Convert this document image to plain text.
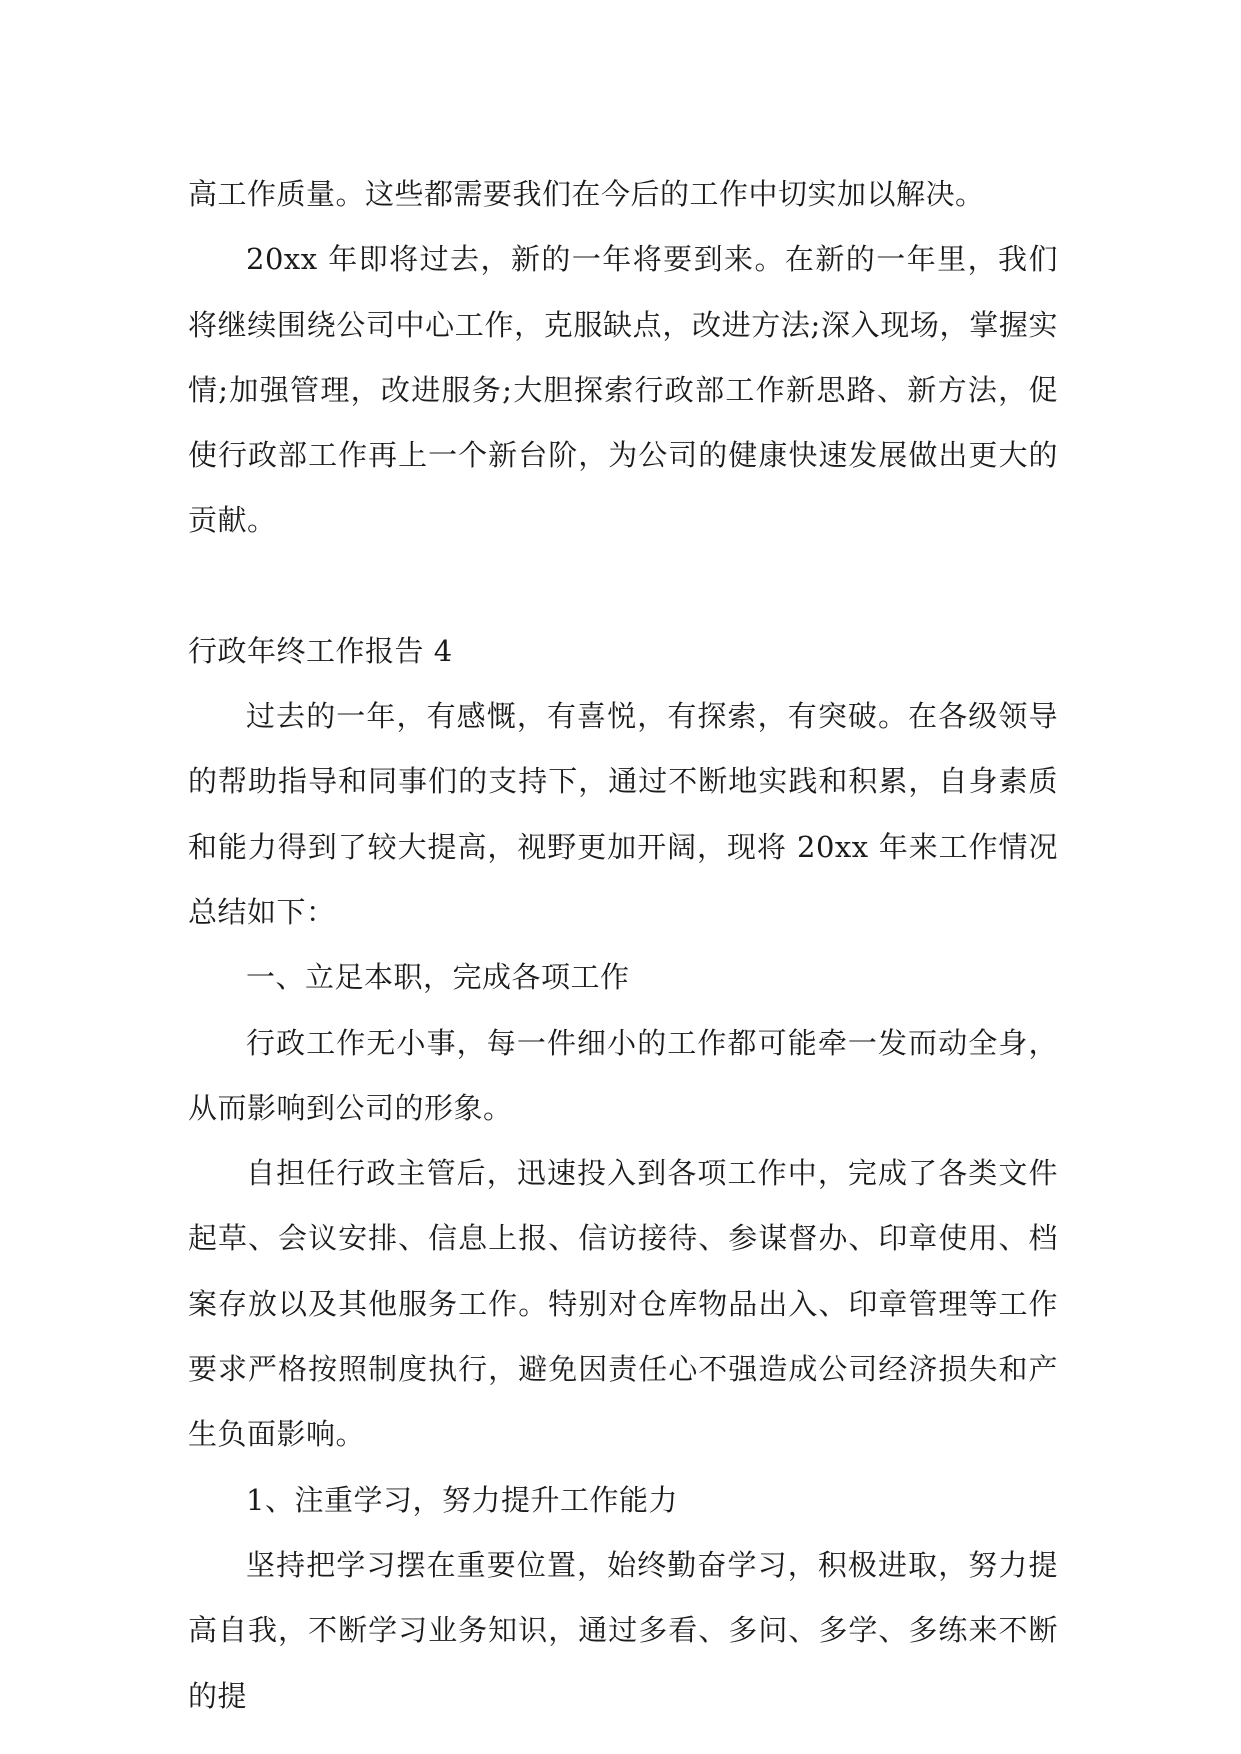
高工作质量。这些都需要我们在今后的工作中切实加以解决。

20xx 年即将过去，新的一年将要到来。在新的一年里，我们将继续围绕公司中心工作，克服缺点，改进方法;深入现场，掌握实情;加强管理，改进服务;大胆探索行政部工作新思路、新方法，促使行政部工作再上一个新台阶，为公司的健康快速发展做出更大的贡献。

行政年终工作报告 4

过去的一年，有感慨，有喜悦，有探索，有突破。在各级领导的帮助指导和同事们的支持下，通过不断地实践和积累，自身素质和能力得到了较大提高，视野更加开阔，现将 20xx 年来工作情况总结如下：

一、立足本职，完成各项工作

行政工作无小事，每一件细小的工作都可能牵一发而动全身，从而影响到公司的形象。

自担任行政主管后，迅速投入到各项工作中，完成了各类文件起草、会议安排、信息上报、信访接待、参谋督办、印章使用、档案存放以及其他服务工作。特别对仓库物品出入、印章管理等工作要求严格按照制度执行，避免因责任心不强造成公司经济损失和产生负面影响。

1、注重学习，努力提升工作能力

坚持把学习摆在重要位置，始终勤奋学习，积极进取，努力提高自我，不断学习业务知识，通过多看、多问、多学、多练来不断的提
